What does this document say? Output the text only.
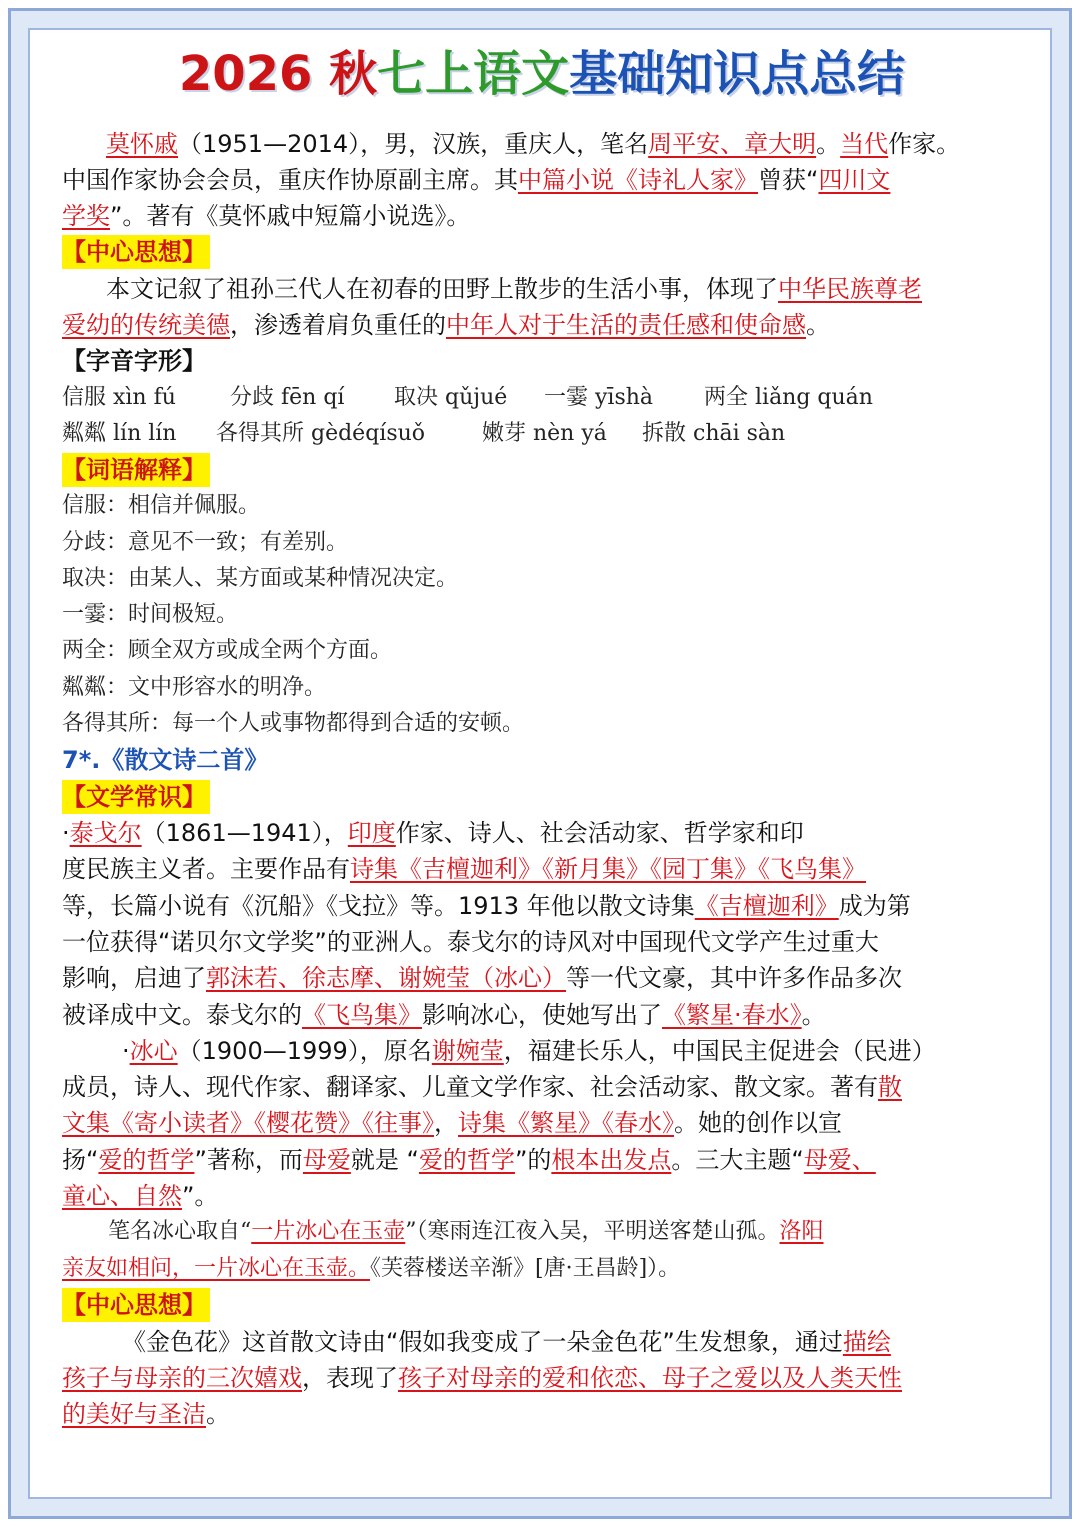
2026 秋七上语文基础知识点总结
莫怀戚（1951—2014），男，汉族，重庆人，笔名周平安、章大明。当代作家。
中国作家协会会员，重庆作协原副主席。其中篇小说《诗礼人家》曾获“四川文
学奖”。著有《莫怀戚中短篇小说选》。
【中心思想】
本文记叙了祖孙三代人在初春的田野上散步的生活小事，体现了中华民族尊老
爱幼的传统美德，渗透着肩负重任的中年人对于生活的责任感和使命感。
【字音字形】
信服 xìn fú 分歧 fēn qí 取决 qǔjué 一霎 yīshà 两全 liǎng quán
粼粼 lín lín 各得其所 gèdéqísuǒ	嫩芽 nèn yá 拆散 chāi sàn
【词语解释】
信服：相信并佩服。
分歧：意见不一致；有差别。
取决：由某人、某方面或某种情况决定。
一霎：时间极短。
两全：顾全双方或成全两个方面。
粼粼：文中形容水的明净。
各得其所：每一个人或事物都得到合适的安顿。
7*.《散文诗二首》
【文学常识】
·泰戈尔（1861—1941），印度作家、诗人、社会活动家、哲学家和印
度民族主义者。主要作品有诗集《吉檀迦利》《新月集》《园丁集》《飞鸟集》
等，长篇小说有《沉船》《戈拉》等。1913 年他以散文诗集《吉檀迦利》成为第
一位获得“诺贝尔文学奖”的亚洲人。泰戈尔的诗风对中国现代文学产生过重大
影响，启迪了郭沫若、徐志摩、谢婉莹（冰心）等一代文豪，其中许多作品多次
被译成中文。泰戈尔的《飞鸟集》影响冰心，使她写出了《繁星·春水》。
·冰心（1900—1999），原名谢婉莹，福建长乐人，中国民主促进会（民进）
成员，诗人、现代作家、翻译家、儿童文学作家、社会活动家、散文家。著有散
文集《寄小读者》《樱花赞》《往事》，诗集《繁星》《春水》。她的创作以宣
扬“爱的哲学”著称，而母爱就是 “爱的哲学”的根本出发点。三大主题“母爱、
童心、自然”。
笔名冰心取自“一片冰心在玉壶”（寒雨连江夜入吴，平明送客楚山孤。洛阳
亲友如相问，一片冰心在玉壶。《芙蓉楼送辛渐》[唐·王昌龄]）。
【中心思想】
《金色花》这首散文诗由“假如我变成了一朵金色花”生发想象，通过描绘
孩子与母亲的三次嬉戏，表现了孩子对母亲的爱和依恋、母子之爱以及人类天性
的美好与圣洁。
